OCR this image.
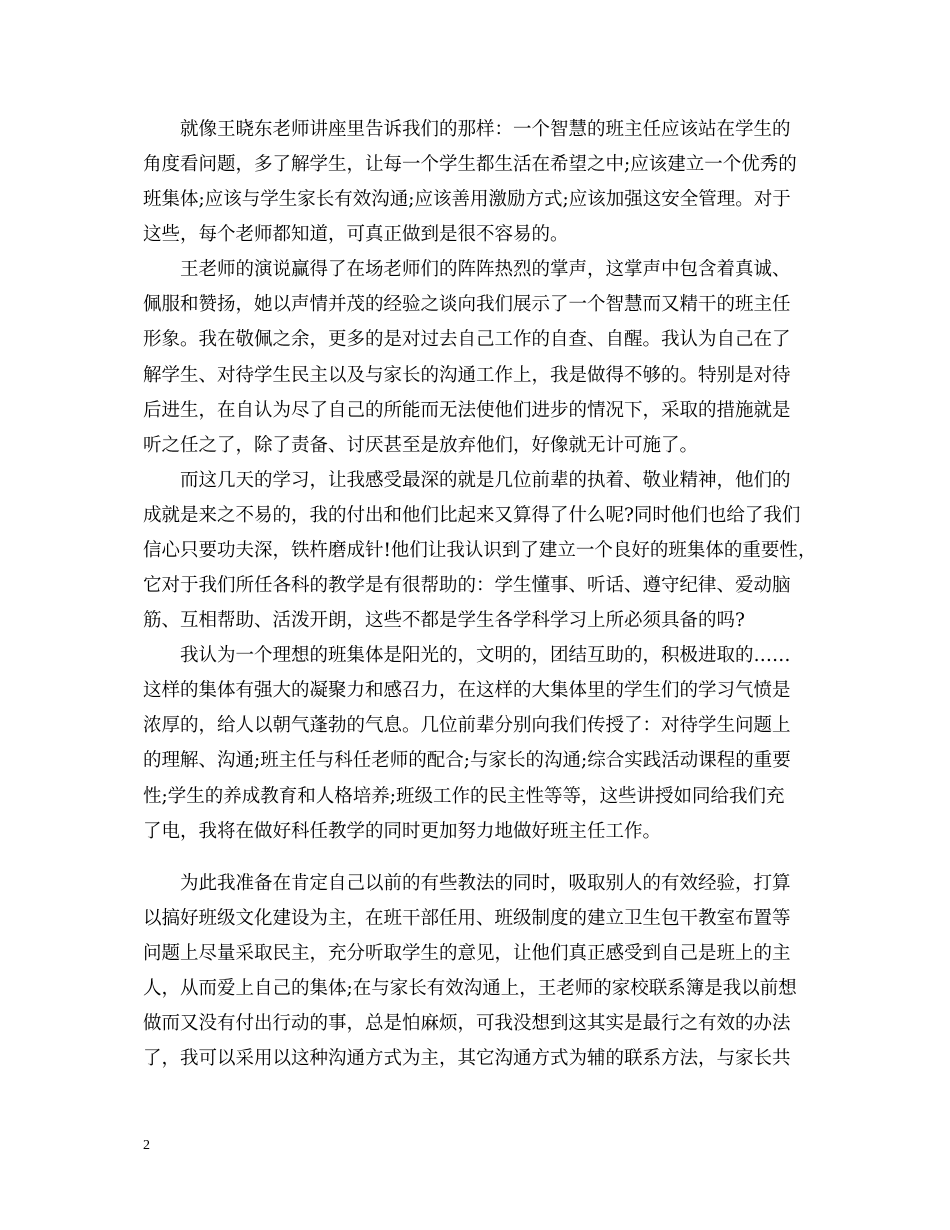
　　就像王晓东老师讲座里告诉我们的那样：一个智慧的班主任应该站在学生的
角度看问题，多了解学生，让每一个学生都生活在希望之中;应该建立一个优秀的
班集体;应该与学生家长有效沟通;应该善用激励方式;应该加强这安全管理。对于
这些，每个老师都知道，可真正做到是很不容易的。
　　王老师的演说赢得了在场老师们的阵阵热烈的掌声，这掌声中包含着真诚、
佩服和赞扬，她以声情并茂的经验之谈向我们展示了一个智慧而又精干的班主任
形象。我在敬佩之余，更多的是对过去自己工作的自查、自醒。我认为自己在了
解学生、对待学生民主以及与家长的沟通工作上，我是做得不够的。特别是对待
后进生，在自认为尽了自己的所能而无法使他们进步的情况下，采取的措施就是
听之任之了，除了责备、讨厌甚至是放弃他们，好像就无计可施了。
　　而这几天的学习，让我感受最深的就是几位前辈的执着、敬业精神，他们的
成就是来之不易的，我的付出和他们比起来又算得了什么呢?同时他们也给了我们
信心只要功夫深，铁杵磨成针!他们让我认识到了建立一个良好的班集体的重要性，
它对于我们所任各科的教学是有很帮助的：学生懂事、听话、遵守纪律、爱动脑
筋、互相帮助、活泼开朗，这些不都是学生各学科学习上所必须具备的吗?
　　我认为一个理想的班集体是阳光的，文明的，团结互助的，积极进取的……
这样的集体有强大的凝聚力和感召力，在这样的大集体里的学生们的学习气愤是
浓厚的，给人以朝气蓬勃的气息。几位前辈分别向我们传授了：对待学生问题上
的理解、沟通;班主任与科任老师的配合;与家长的沟通;综合实践活动课程的重要
性;学生的养成教育和人格培养;班级工作的民主性等等，这些讲授如同给我们充
了电，我将在做好科任教学的同时更加努力地做好班主任工作。
　　为此我准备在肯定自己以前的有些教法的同时，吸取别人的有效经验，打算
以搞好班级文化建设为主，在班干部任用、班级制度的建立卫生包干教室布置等
问题上尽量采取民主，充分听取学生的意见，让他们真正感受到自己是班上的主
人，从而爱上自己的集体;在与家长有效沟通上，王老师的家校联系簿是我以前想
做而又没有付出行动的事，总是怕麻烦，可我没想到这其实是最行之有效的办法
了，我可以采用以这种沟通方式为主，其它沟通方式为辅的联系方法，与家长共
2
